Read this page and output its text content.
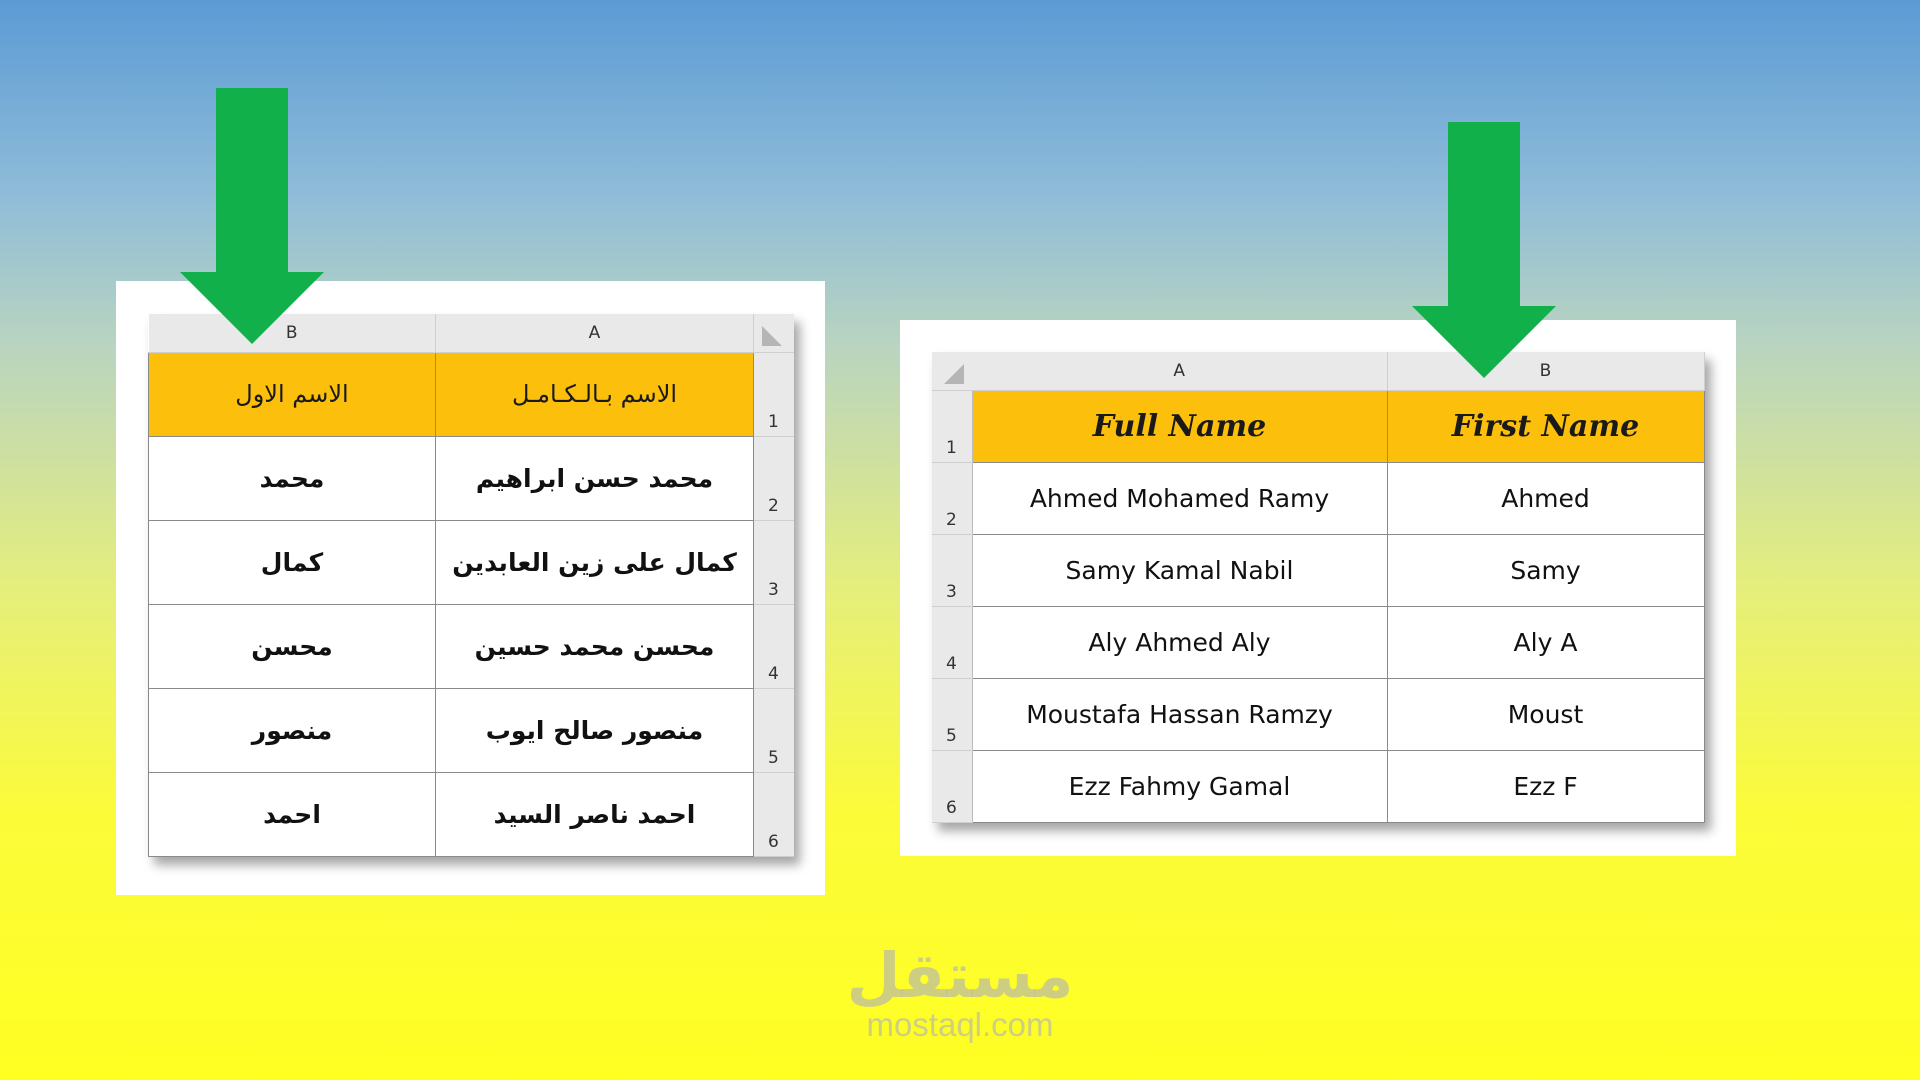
B	A	

الاسم الاول	الاسم بـالـكـامـل	1
محمد	محمد حسن ابراهيم	2
كمال	كمال على زين العابدين	3
محسن	محسن محمد حسين	4
منصور	منصور صالح ايوب	5
احمد	احمد ناصر السيد	6
	A	B
1	Full Name	First Name
2	Ahmed Mohamed Ramy	Ahmed
3	Samy Kamal Nabil	Samy
4	Aly Ahmed Aly	Aly A
5	Moustafa Hassan Ramzy	Moust
6	Ezz Fahmy Gamal	Ezz F
مستقل
mostaql.com
